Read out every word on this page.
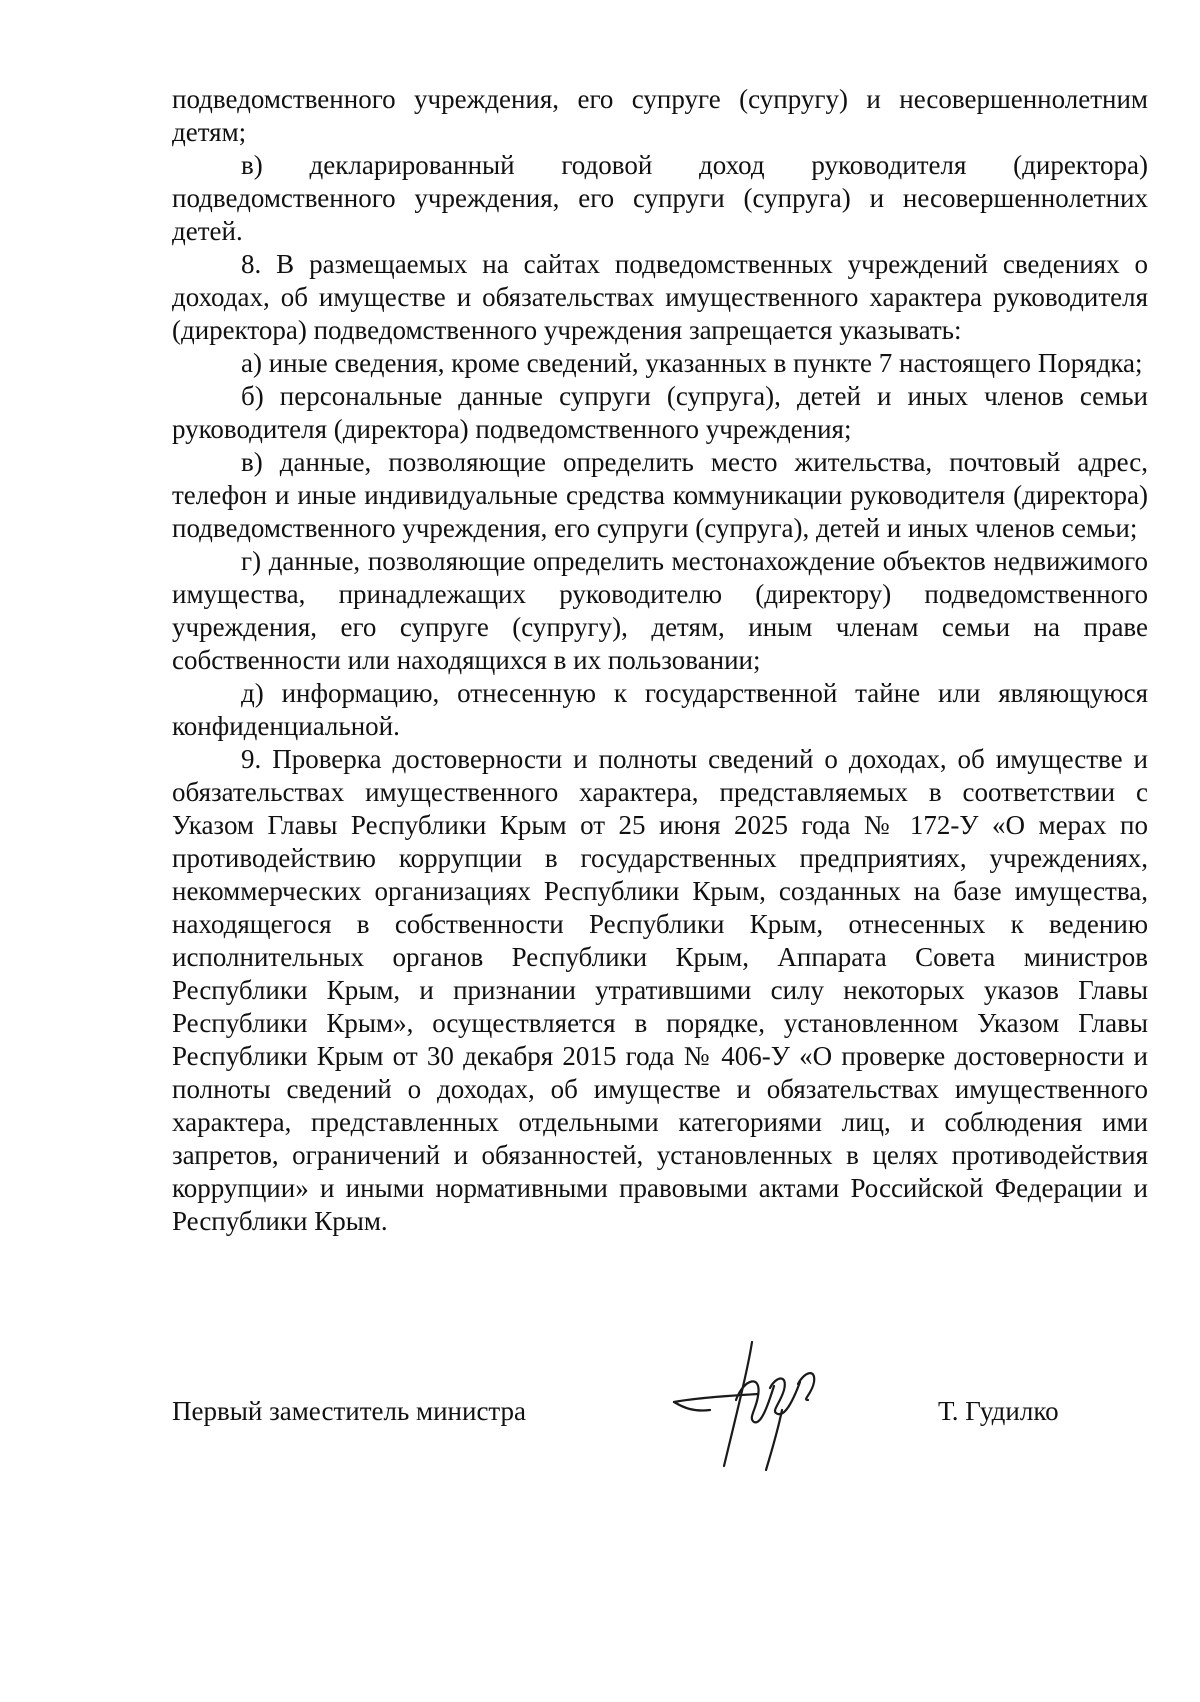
подведомственного учреждения, его супруге (супругу) и несовершеннолетним детям;

в) декларированный годовой доход руководителя (директора) подведомственного учреждения, его супруги (супруга) и несовершеннолетних детей.

8. В размещаемых на сайтах подведомственных учреждений сведениях о доходах, об имуществе и обязательствах имущественного характера руководителя (директора) подведомственного учреждения запрещается указывать:

а) иные сведения, кроме сведений, указанных в пункте 7 настоящего Порядка;

б) персональные данные супруги (супруга), детей и иных членов семьи руководителя (директора) подведомственного учреждения;

в) данные, позволяющие определить место жительства, почтовый адрес, телефон и иные индивидуальные средства коммуникации руководителя (директора) подведомственного учреждения, его супруги (супруга), детей и иных членов семьи;

г) данные, позволяющие определить местонахождение объектов недвижимого имущества, принадлежащих руководителю (директору) подведомственного учреждения, его супруге (супругу), детям, иным членам семьи на праве собственности или находящихся в их пользовании;

д) информацию, отнесенную к государственной тайне или являющуюся конфиденциальной.

9. Проверка достоверности и полноты сведений о доходах, об имуществе и обязательствах имущественного характера, представляемых в соответствии с Указом Главы Республики Крым от 25 июня 2025 года № 172-У «О мерах по противодействию коррупции в государственных предприятиях, учреждениях, некоммерческих организациях Республики Крым, созданных на базе имущества, находящегося в собственности Республики Крым, отнесенных к ведению исполнительных органов Республики Крым, Аппарата Совета министров Республики Крым, и признании утратившими силу некоторых указов Главы Республики Крым», осуществляется в порядке, установленном Указом Главы Республики Крым от 30 декабря 2015 года № 406-У «О проверке достоверности и полноты сведений о доходах, об имуществе и обязательствах имущественного характера, представленных отдельными категориями лиц, и соблюдения ими запретов, ограничений и обязанностей, установленных в целях противодействия коррупции» и иными нормативными правовыми актами Российской Федерации и Республики Крым.

Первый заместитель министра	Т. Гудилко
